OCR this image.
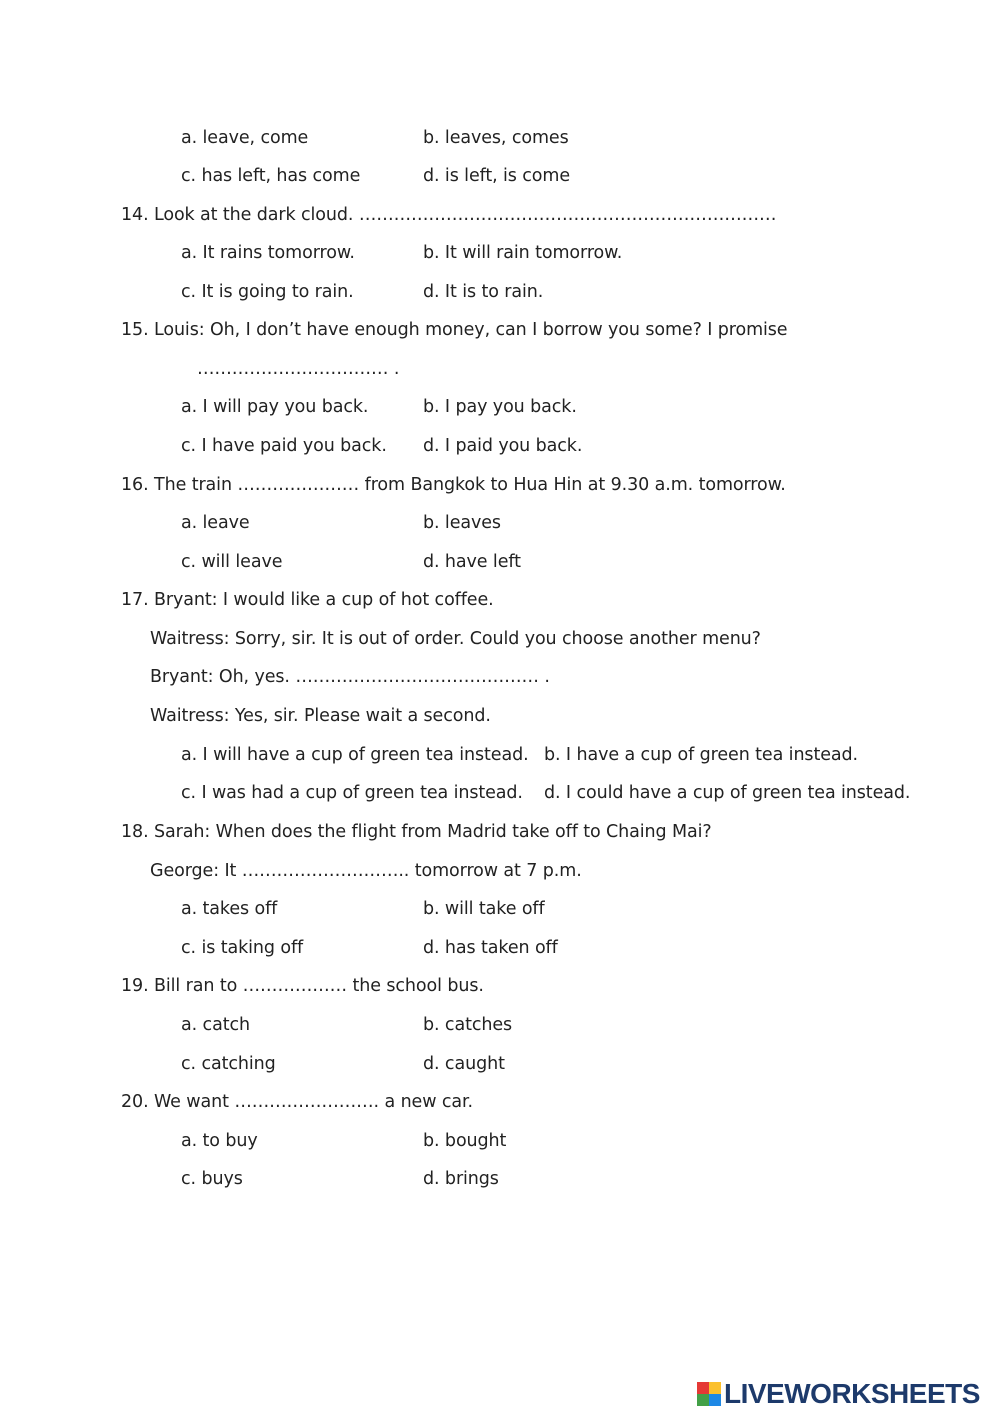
a. leave, come	b. leaves, comes
c. has left, has come	d. is left, is come
14. Look at the dark cloud. ………………………………………………………………
a. It rains tomorrow.	b. It will rain tomorrow.
c. It is going to rain.	d. It is to rain.
15. Louis: Oh, I don’t have enough money, can I borrow you some? I promise
…………………………… .
a. I will pay you back.	b. I pay you back.
c. I have paid you back. d. I paid you back.
16. The train ………………… from Bangkok to Hua Hin at 9.30 a.m. tomorrow.
a. leave	b. leaves
c. will leave	d. have left
17. Bryant: I would like a cup of hot coffee.
Waitress: Sorry, sir. It is out of order. Could you choose another menu?
Bryant: Oh, yes. …………………………………… .
Waitress: Yes, sir. Please wait a second.
a. I will have a cup of green tea instead. b. I have a cup of green tea instead.
c. I was had a cup of green tea instead. d. I could have a cup of green tea instead.
18. Sarah: When does the flight from Madrid take off to Chaing Mai?
George: It ……………………….. tomorrow at 7 p.m.
a. takes off	b. will take off
c. is taking off	d. has taken off
19. Bill ran to ……………… the school bus.
a. catch	b. catches
c. catching	d. caught
20. We want ……………………. a new car.
a. to buy	b. bought
c. buys	d. brings
LIVEWORKSHEETS
